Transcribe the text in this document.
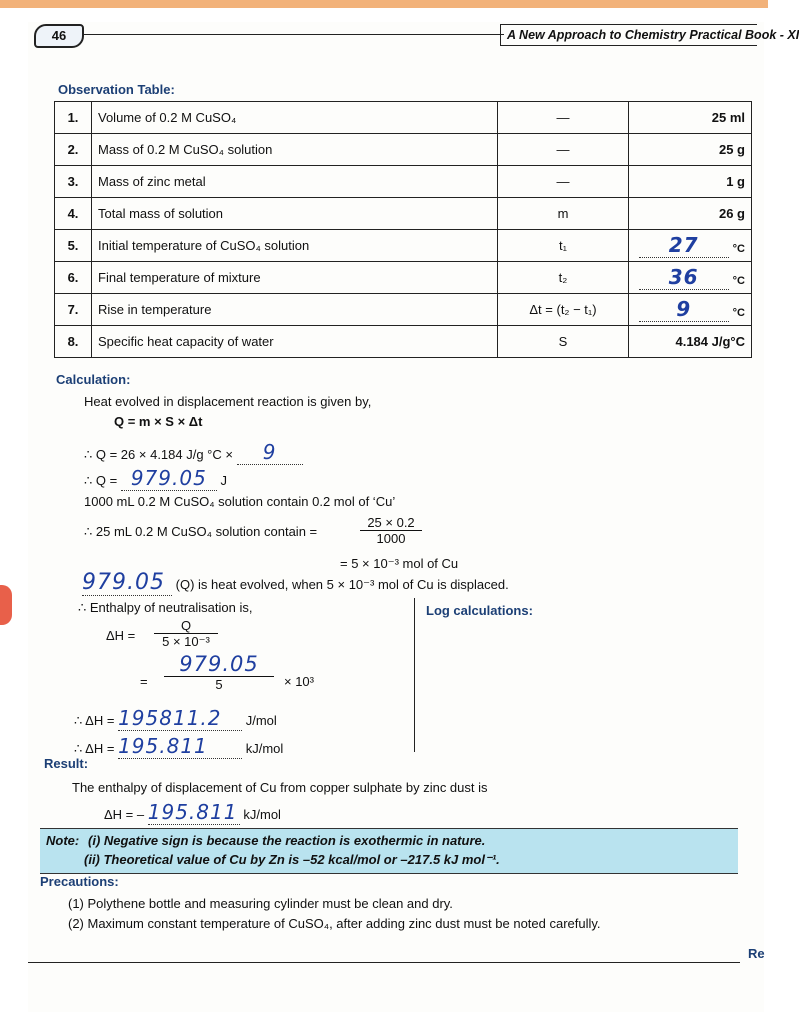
46	A New Approach to Chemistry Practical Book - XI
Observation Table:
1.	Volume of 0.2 M CuSO₄	—	25 ml
2.	Mass of 0.2 M CuSO₄ solution	—	25 g
3.	Mass of zinc metal	—	1 g
4.	Total mass of solution	m	26 g
5.	Initial temperature of CuSO₄ solution	t₁	27 °C
6.	Final temperature of mixture	t₂	36 °C
7.	Rise in temperature	Δt = (t₂ − t₁)	9 °C
8.	Specific heat capacity of water	S	4.184 J/g°C
Calculation:
Heat evolved in displacement reaction is given by,
Q = m × S × Δt
∴ Q = 26 × 4.184 J/g °C × 9
∴ Q = 979.05 J
1000 mL 0.2 M CuSO₄ solution contain 0.2 mol of ‘Cu’
∴ 25 mL 0.2 M CuSO₄ solution contain =	$\frac{25 \times 0.2}{1000}$
= 5 × 10⁻³ mol of Cu
979.05 (Q) is heat evolved, when 5 × 10⁻³ mol of Cu is displaced.
∴ Enthalpy of neutralisation is,
$\Delta H = \frac{Q}{\text{5 × 10⁻³}}$
=
979.05
5	× 10³
∴ ΔH = 195811.2 J/mol
∴ ΔH = 195.811	kJ/mol
Log calculations:
Result:
The enthalpy of displacement of Cu from copper sulphate by zinc dust is
ΔH = – 195.811 kJ/mol
Note: (i) Negative sign is because the reaction is exothermic in nature.
(ii) Theoretical value of Cu by Zn is –52 kcal/mol or –217.5 kJ mol⁻¹.
Precautions:
(1) Polythene bottle and measuring cylinder must be clean and dry.
(2) Maximum constant temperature of CuSO₄, after adding zinc dust must be noted carefully.
Re
